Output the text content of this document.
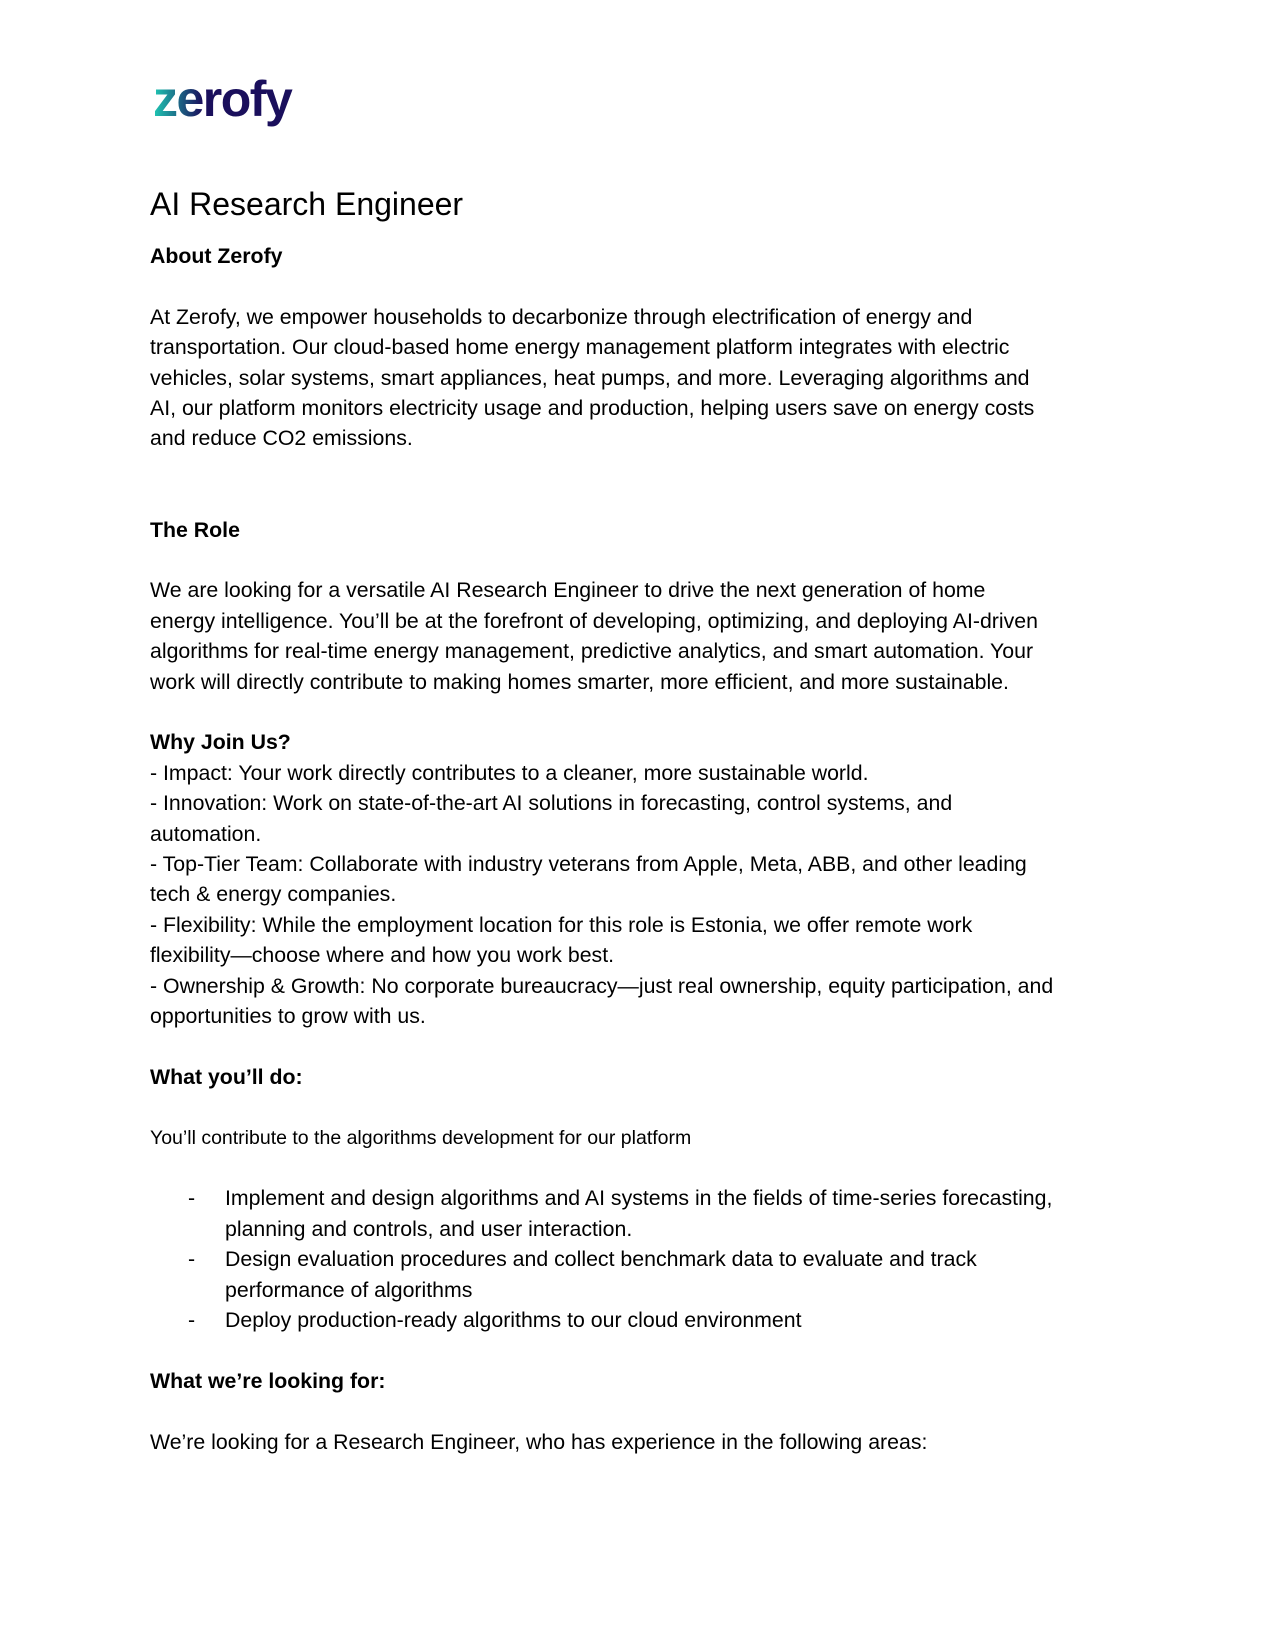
zerofy
AI Research Engineer

About Zerofy

At Zerofy, we empower households to decarbonize through electrification of energy and

transportation. Our cloud-based home energy management platform integrates with electric

vehicles, solar systems, smart appliances, heat pumps, and more. Leveraging algorithms and

AI, our platform monitors electricity usage and production, helping users save on energy costs

and reduce CO2 emissions.

The Role

We are looking for a versatile AI Research Engineer to drive the next generation of home

energy intelligence. You’ll be at the forefront of developing, optimizing, and deploying AI-driven

algorithms for real-time energy management, predictive analytics, and smart automation. Your

work will directly contribute to making homes smarter, more efficient, and more sustainable.

Why Join Us?

- Impact: Your work directly contributes to a cleaner, more sustainable world.

- Innovation: Work on state-of-the-art AI solutions in forecasting, control systems, and

automation.

- Top-Tier Team: Collaborate with industry veterans from Apple, Meta, ABB, and other leading

tech & energy companies.

- Flexibility: While the employment location for this role is Estonia, we offer remote work

flexibility—choose where and how you work best.

- Ownership & Growth: No corporate bureaucracy—just real ownership, equity participation, and

opportunities to grow with us.

What you’ll do:

You’ll contribute to the algorithms development for our platform

- Implement and design algorithms and AI systems in the fields of time-series forecasting,

planning and controls, and user interaction.

- Design evaluation procedures and collect benchmark data to evaluate and track

performance of algorithms

- Deploy production-ready algorithms to our cloud environment

What we’re looking for:

We’re looking for a Research Engineer, who has experience in the following areas:
